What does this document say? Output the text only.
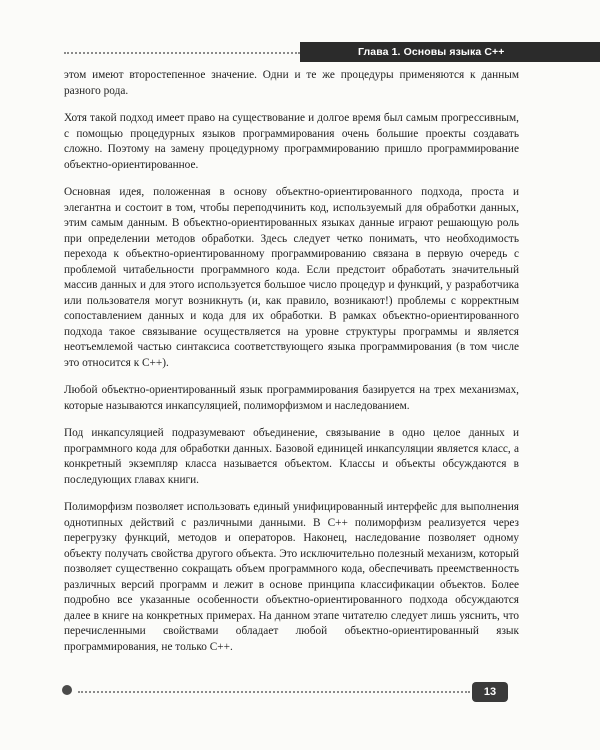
Глава 1. Основы языка C++

этом имеют второстепенное значение. Одни и те же процедуры применяются к данным разного рода.

Хотя такой подход имеет право на существование и долгое время был самым прогрессивным, с помощью процедурных языков программирования очень большие проекты создавать сложно. Поэтому на замену процедурному программированию пришло программирование объектно-ориентированное.

Основная идея, положенная в основу объектно-ориентированного подхода, проста и элегантна и состоит в том, чтобы переподчинить код, используемый для обработки данных, этим самым данным. В объектно-ориентированных языках данные играют решающую роль при определении методов обработки. Здесь следует четко понимать, что необходимость перехода к объектно-ориентированному программированию связана в первую очередь с проблемой читабельности программного кода. Если предстоит обработать значительный массив данных и для этого используется большое число процедур и функций, у разработчика или пользователя могут возникнуть (и, как правило, возникают!) проблемы с корректным сопоставлением данных и кода для их обработки. В рамках объектно-ориентированного подхода такое связывание осуществляется на уровне структуры программы и является неотъемлемой частью синтаксиса соответствующего языка программирования (в том числе это относится к C++).

Любой объектно-ориентированный язык программирования базируется на трех механизмах, которые называются инкапсуляцией, полиморфизмом и наследованием.

Под инкапсуляцией подразумевают объединение, связывание в одно целое данных и программного кода для обработки данных. Базовой единицей инкапсуляции является класс, а конкретный экземпляр класса называется объектом. Классы и объекты обсуждаются в последующих главах книги.

Полиморфизм позволяет использовать единый унифицированный интерфейс для выполнения однотипных действий с различными данными. В C++ полиморфизм реализуется через перегрузку функций, методов и операторов. Наконец, наследование позволяет одному объекту получать свойства другого объекта. Это исключительно полезный механизм, который позволяет существенно сокращать объем программного кода, обеспечивать преемственность различных версий программ и лежит в основе принципа классификации объектов. Более подробно все указанные особенности объектно-ориентированного подхода обсуждаются далее в книге на конкретных примерах. На данном этапе читателю следует лишь уяснить, что перечисленными свойствами обладает любой объектно-ориентированный язык программирования, не только C++.

13
